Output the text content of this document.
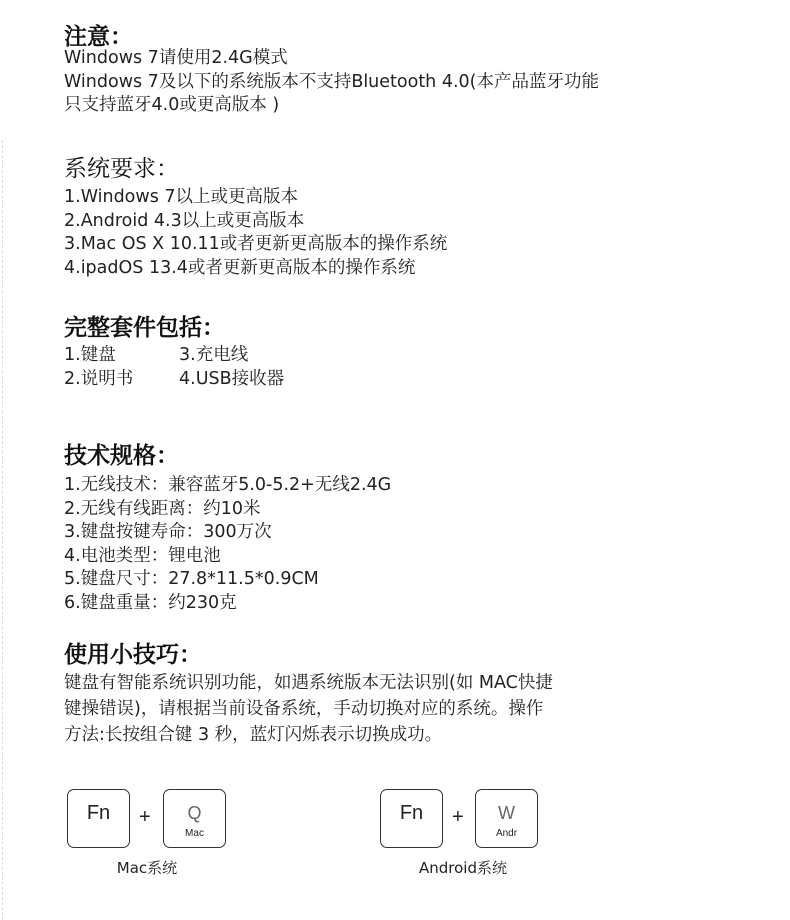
注意：
Windows 7请使用2.4G模式
Windows 7及以下的系统版本不支持Bluetooth 4.0(本产品蓝牙功能
只支持蓝牙4.0或更高版本 )
系统要求：
1.Windows 7以上或更高版本
2.Android 4.3以上或更高版本
3.Mac OS X 10.11或者更新更高版本的操作系统
4.ipadOS 13.4或者更新更高版本的操作系统
完整套件包括：
1.键盘	3.充电线
2.说明书	4.USB接收器
技术规格：
1.无线技术：兼容蓝牙5.0-5.2+无线2.4G
2.无线有线距离：约10米
3.键盘按键寿命：300万次
4.电池类型：锂电池
5.键盘尺寸：27.8*11.5*0.9CM
6.键盘重量：约230克
使用小技巧：
键盘有智能系统识别功能，如遇系统版本无法识别(如 MAC快捷
键操错误)，请根据当前设备系统，手动切换对应的系统。操作
方法:长按组合键 3 秒，蓝灯闪烁表示切换成功。
Fn	+	Q
Mac
Mac系统
Fn	+	W
Andr
Android系统
